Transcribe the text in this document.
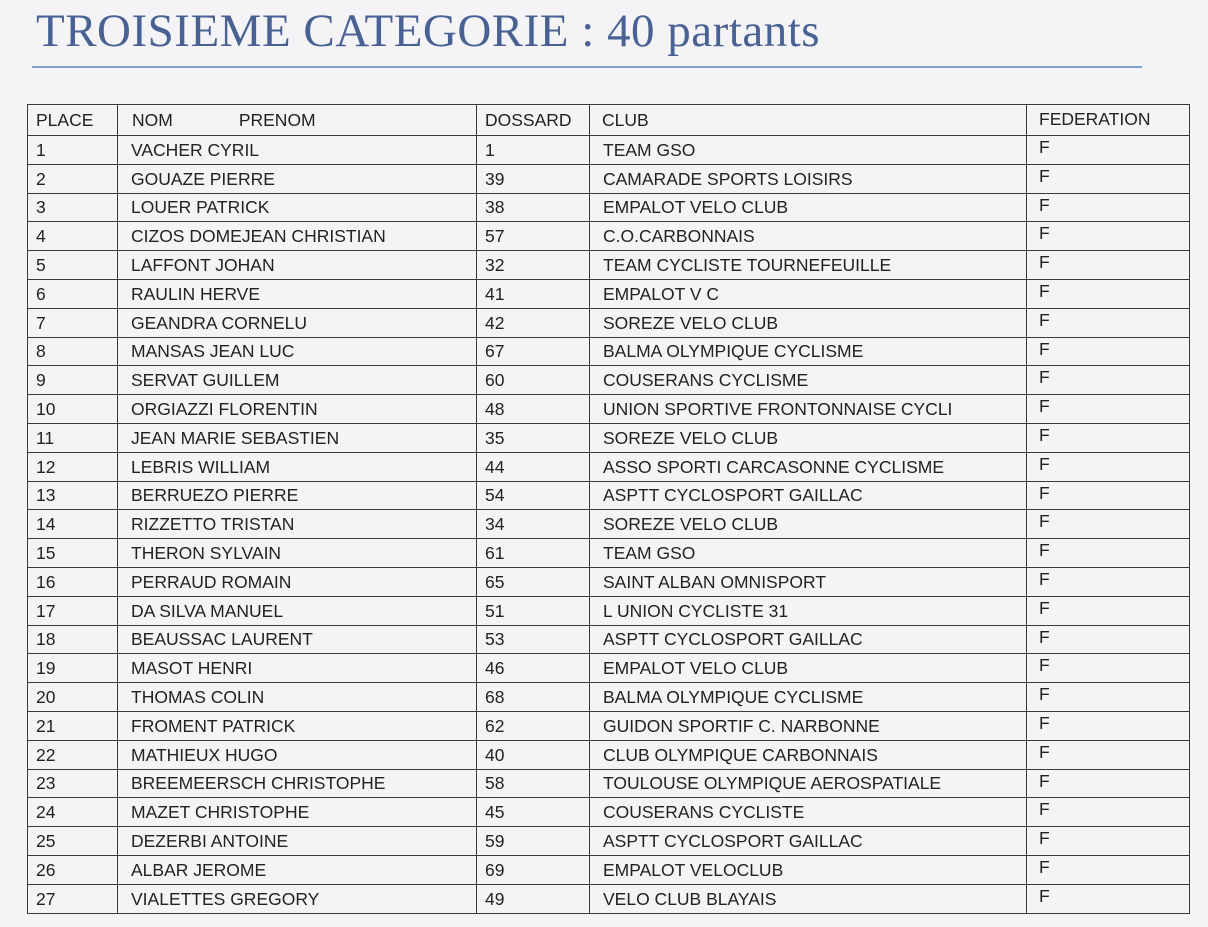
TROISIEME CATEGORIE : 40 partants
PLACE	NOM PRENOM	DOSSARD	CLUB	FEDERATION
1	VACHER CYRIL	1	TEAM GSO	F
2	GOUAZE PIERRE	39	CAMARADE SPORTS LOISIRS	F
3	LOUER PATRICK	38	EMPALOT VELO CLUB	F
4	CIZOS DOMEJEAN CHRISTIAN	57	C.O.CARBONNAIS	F
5	LAFFONT JOHAN	32	TEAM CYCLISTE TOURNEFEUILLE	F
6	RAULIN HERVE	41	EMPALOT V C	F
7	GEANDRA CORNELU	42	SOREZE VELO CLUB	F
8	MANSAS JEAN LUC	67	BALMA OLYMPIQUE CYCLISME	F
9	SERVAT GUILLEM	60	COUSERANS CYCLISME	F
10	ORGIAZZI FLORENTIN	48	UNION SPORTIVE FRONTONNAISE CYCLI	F
11	JEAN MARIE SEBASTIEN	35	SOREZE VELO CLUB	F
12	LEBRIS WILLIAM	44	ASSO SPORTI CARCASONNE CYCLISME	F
13	BERRUEZO PIERRE	54	ASPTT CYCLOSPORT GAILLAC	F
14	RIZZETTO TRISTAN	34	SOREZE VELO CLUB	F
15	THERON SYLVAIN	61	TEAM GSO	F
16	PERRAUD ROMAIN	65	SAINT ALBAN OMNISPORT	F
17	DA SILVA MANUEL	51	L UNION CYCLISTE 31	F
18	BEAUSSAC LAURENT	53	ASPTT CYCLOSPORT GAILLAC	F
19	MASOT HENRI	46	EMPALOT VELO CLUB	F
20	THOMAS COLIN	68	BALMA OLYMPIQUE CYCLISME	F
21	FROMENT PATRICK	62	GUIDON SPORTIF C. NARBONNE	F
22	MATHIEUX HUGO	40	CLUB OLYMPIQUE CARBONNAIS	F
23	BREEMEERSCH CHRISTOPHE	58	TOULOUSE OLYMPIQUE AEROSPATIALE	F
24	MAZET CHRISTOPHE	45	COUSERANS CYCLISTE	F
25	DEZERBI ANTOINE	59	ASPTT CYCLOSPORT GAILLAC	F
26	ALBAR JEROME	69	EMPALOT VELOCLUB	F
27	VIALETTES GREGORY	49	VELO CLUB BLAYAIS	F
